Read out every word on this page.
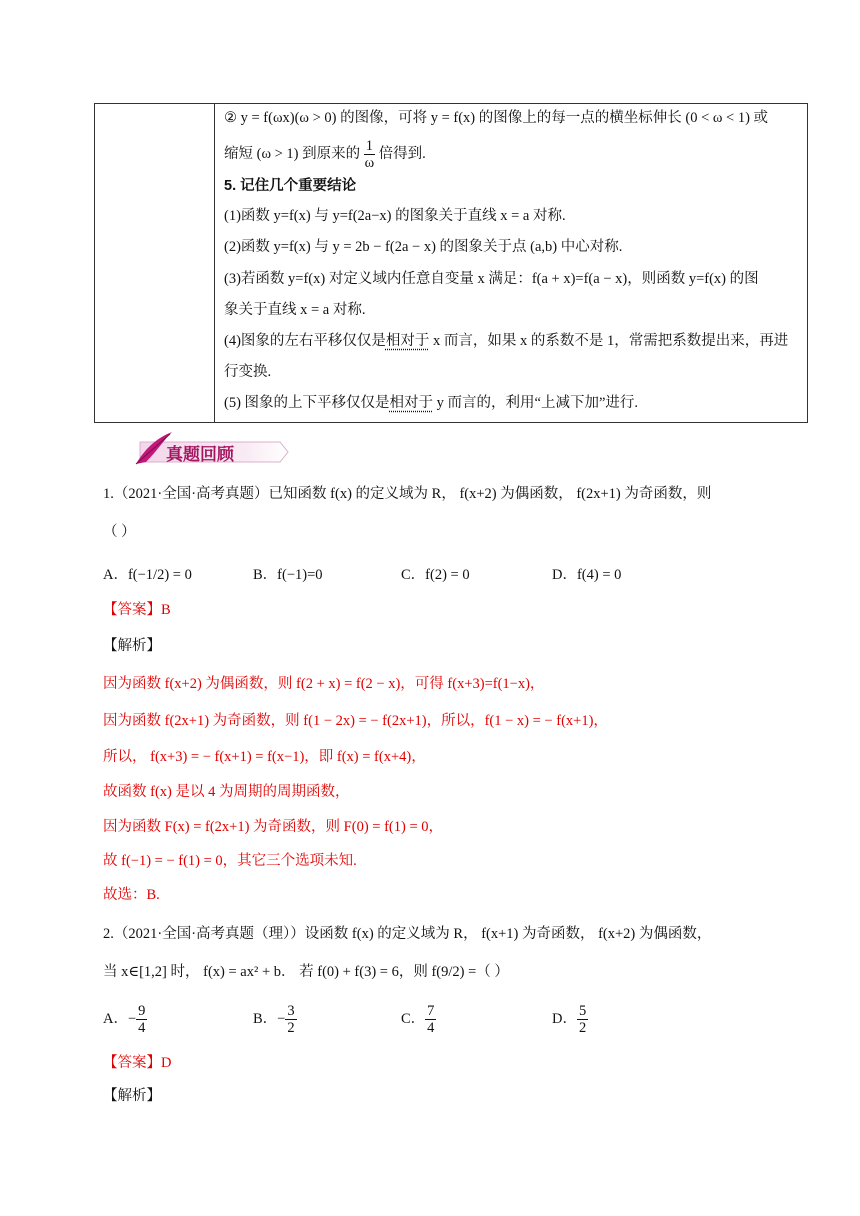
② y = f(ωx)(ω > 0) 的图像，可将 y = f(x) 的图像上的每一点的横坐标伸长 (0 < ω < 1) 或
缩短 (ω > 1) 到原来的 $\frac{1}{\omega}$ 倍得到.
5. 记住几个重要结论
(1)函数 y=f(x) 与 y=f(2a−x) 的图象关于直线 x = a 对称.
(2)函数 y=f(x) 与 y = 2b − f(2a − x) 的图象关于点 (a,b) 中心对称.
(3)若函数 y=f(x) 对定义域内任意自变量 x 满足：f(a + x)=f(a − x)，则函数 y=f(x) 的图
象关于直线 x = a 对称.
(4)图象的左右平移仅仅是相对于 x 而言，如果 x 的系数不是 1，常需把系数提出来，再进
行变换.
(5) 图象的上下平移仅仅是相对于 y 而言的，利用“上减下加”进行.
真题回顾
1.（2021·全国·高考真题）已知函数 f(x) 的定义域为 R， f(x+2) 为偶函数， f(2x+1) 为奇函数，则
（ ）
A．f(−1/2) = 0	B．f(−1)=0	C．f(2) = 0	D．f(4) = 0
【答案】B
【解析】
因为函数 f(x+2) 为偶函数，则 f(2 + x) = f(2 − x)，可得 f(x+3)=f(1−x)，
因为函数 f(2x+1) 为奇函数，则 f(1 − 2x) = − f(2x+1)，所以，f(1 − x) = − f(x+1)，
所以， f(x+3) = − f(x+1) = f(x−1)，即 f(x) = f(x+4)，
故函数 f(x) 是以 4 为周期的周期函数，
因为函数 F(x) = f(2x+1) 为奇函数，则 F(0) = f(1) = 0，
故 f(−1) = − f(1) = 0，其它三个选项未知.
故选：B.
2.（2021·全国·高考真题（理））设函数 f(x) 的定义域为 R， f(x+1) 为奇函数， f(x+2) 为偶函数，
当 x∈[1,2] 时， f(x) = ax² + b． 若 f(0) + f(3) = 6，则 f(9/2) =（ ）
A．− $\frac{9}{4}$	B．− $\frac{3}{2}$	C． $\frac{7}{4}$	D． $\frac{5}{2}$
【答案】D
【解析】
